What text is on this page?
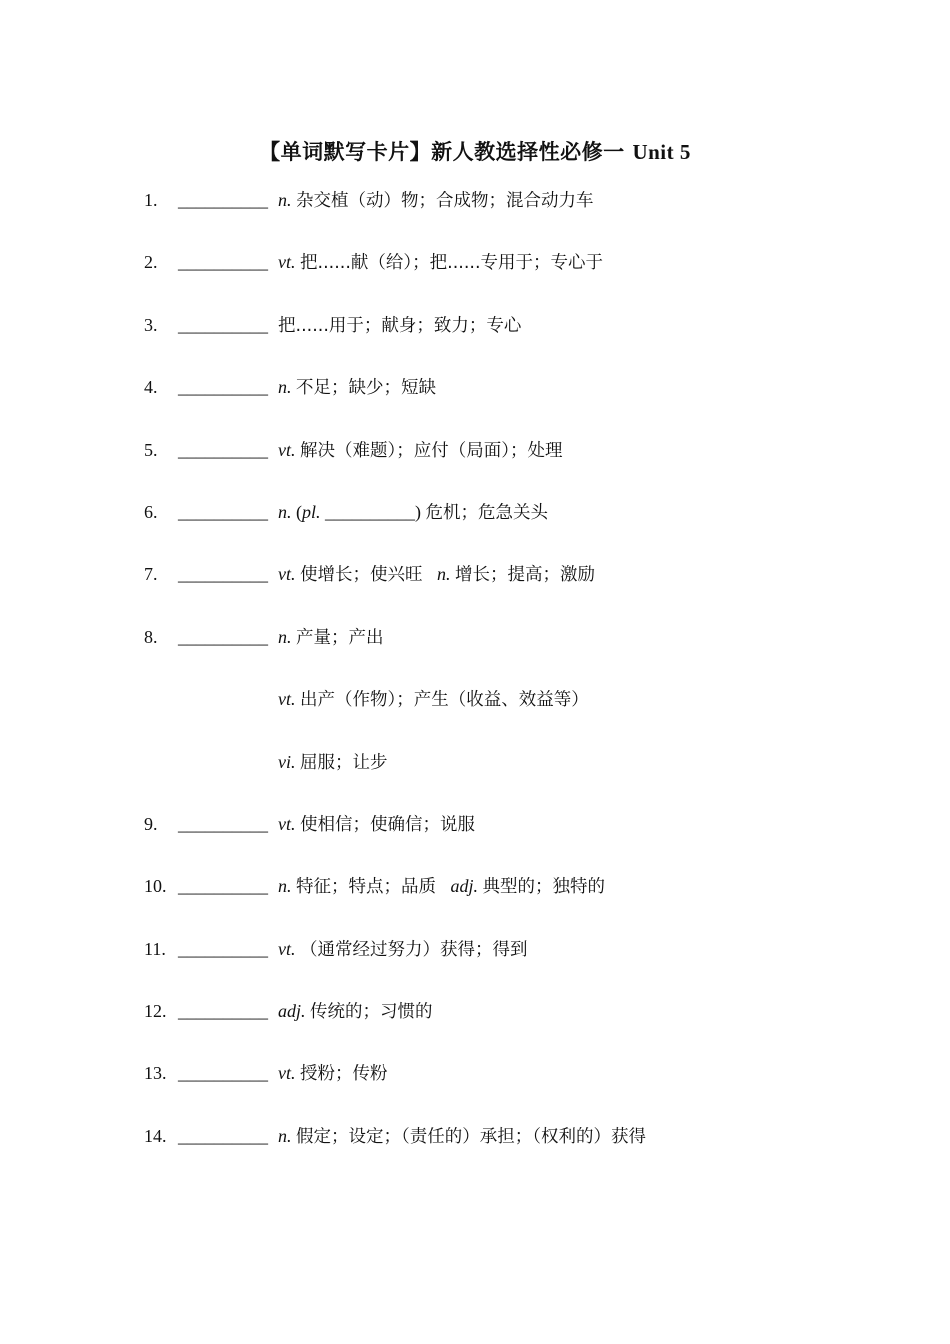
【单词默写卡片】新人教选择性必修一 Unit 5
1. __________ n. 杂交植（动）物；合成物；混合动力车
2. __________ vt. 把......献（给）；把......专用于；专心于
3. __________ 把......用于；献身；致力；专心
4. __________ n. 不足；缺少；短缺
5. __________ vt. 解决（难题）；应付（局面）；处理
6. __________ n. (pl. __________) 危机；危急关头
7. __________ vt. 使增长；使兴旺 n. 增长；提高；激励
8. __________ n. 产量；产出
vt. 出产（作物）；产生（收益、效益等）
vi. 屈服；让步
9. __________ vt. 使相信；使确信；说服
10. __________ n. 特征；特点；品质 adj. 典型的；独特的
11. __________ vt. （通常经过努力）获得；得到
12. __________ adj. 传统的；习惯的
13. __________ vt. 授粉；传粉
14. __________ n. 假定；设定；（责任的）承担；（权利的）获得
